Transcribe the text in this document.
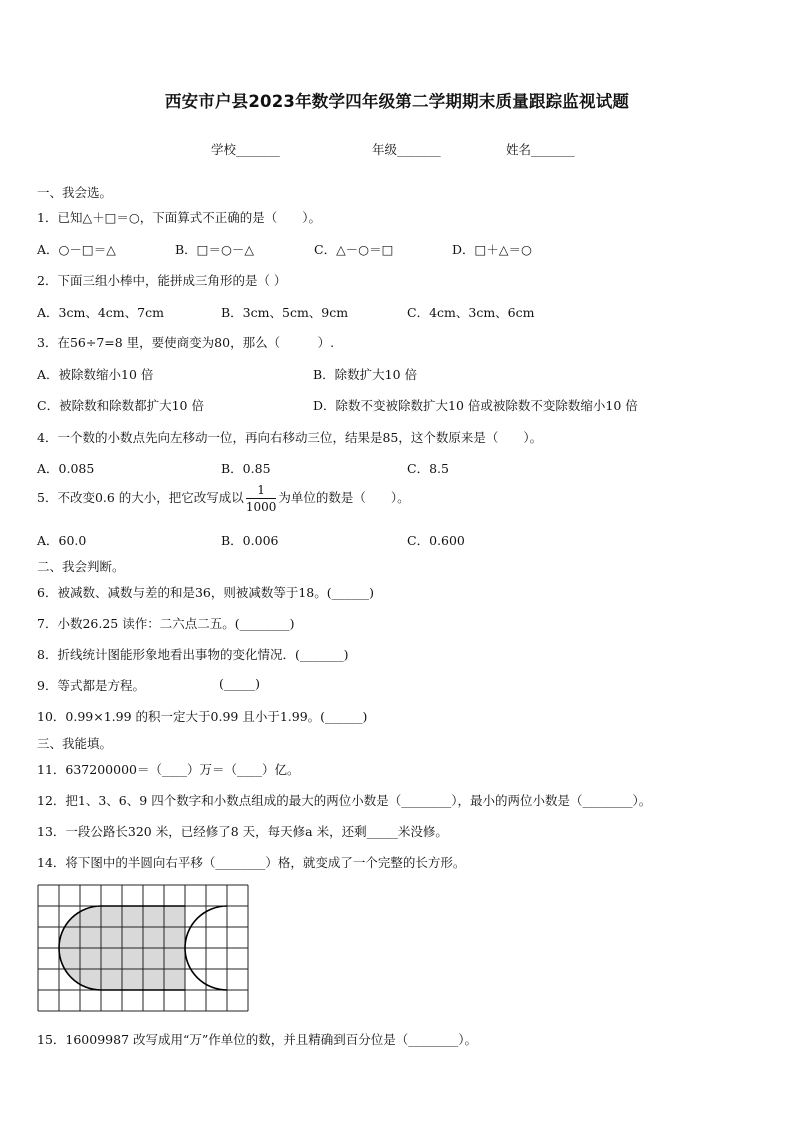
西安市户县2023年数学四年级第二学期期末质量跟踪监视试题
学校_______	年级_______	姓名_______
一、我会选。
1．已知△＋□＝○，下面算式不正确的是（　　）。
A．○－□＝△	B．□＝○－△	C．△－○＝□	D．□＋△＝○
2．下面三组小棒中，能拼成三角形的是（ ）
A．3cm、4cm、7cm	B．3cm、5cm、9cm	C．4cm、3cm、6cm
3．在56÷7=8 里，要使商变为80，那么（　　　）.
A．被除数缩小10 倍	B．除数扩大10 倍
C．被除数和除数都扩大10 倍	D．除数不变被除数扩大10 倍或被除数不变除数缩小10 倍
4．一个数的小数点先向左移动一位，再向右移动三位，结果是85，这个数原来是（　　）。
A．0.085	B．0.85	C．8.5
5．不改变0.6 的大小，把它改写成以 $\frac{1}{1000}$ 为单位的数是（　　）。
A．60.0	B．0.006	C．0.600
二、我会判断。
6．被减数、减数与差的和是36，则被减数等于18。(______)
7．小数26.25 读作：二六点二五。(________)
8．折线统计图能形象地看出事物的变化情况．(_______)
9．等式都是方程。	(_____)
10．0.99×1.99 的积一定大于0.99 且小于1.99。(______)
三、我能填。
11．637200000＝（____）万＝（____）亿。
12．把1、3、6、9 四个数字和小数点组成的最大的两位小数是（________），最小的两位小数是（________）。
13．一段公路长320 米，已经修了8 天，每天修a 米，还剩_____米没修。
14．将下图中的半圆向右平移（________）格，就变成了一个完整的长方形。
15．16009987 改写成用“万”作单位的数，并且精确到百分位是（________）。
